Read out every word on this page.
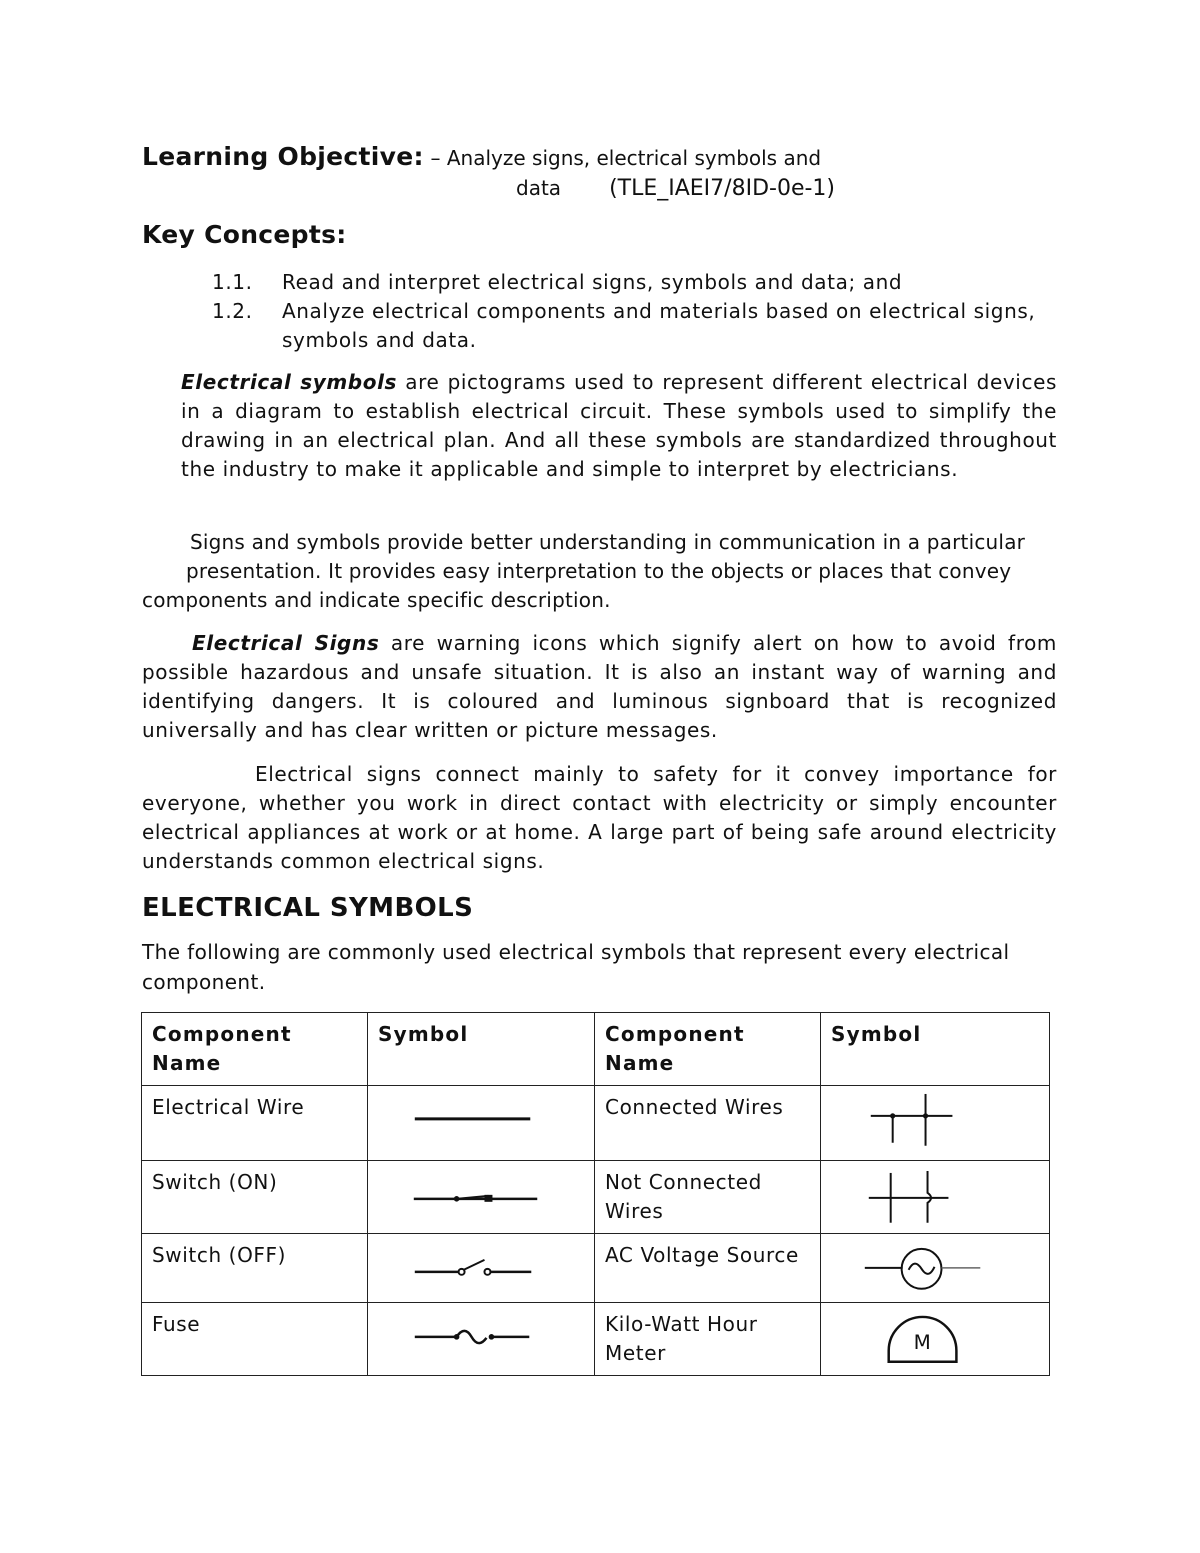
Learning Objective: – Analyze signs, electrical symbols and
data (TLE_IAEI7/8ID-0e-1)
Key Concepts:
1.1. Read and interpret electrical signs, symbols and data; and
1.2. Analyze electrical components and materials based on electrical signs, symbols and data.
Electrical symbols are pictograms used to represent different electrical devices in a diagram to establish electrical circuit. These symbols used to simplify the drawing in an electrical plan. And all these symbols are standardized throughout the industry to make it applicable and simple to interpret by electricians.
Signs and symbols provide better understanding in communication in a particularpresentation. It provides easy interpretation to the objects or places that convey components and indicate specific description.
Electrical Signs are warning icons which signify alert on how to avoid from possible hazardous and unsafe situation. It is also an instant way of warning and identifying dangers. It is coloured and luminous signboard that is recognized universally and has clear written or picture messages.
Electrical signs connect mainly to safety for it convey importance for everyone, whether you work in direct contact with electricity or simply encounter electrical appliances at work or at home. A large part of being safe around electricity understands common electrical signs.
ELECTRICAL SYMBOLS
The following are commonly used electrical symbols that represent every electrical component.
Component Name	Symbol	Component Name	Symbol
Electrical Wire		Connected Wires	

Switch (ON)		Not Connected Wires	

Switch (OFF)		AC Voltage Source	

Fuse		Kilo-Watt Hour Meter	M
